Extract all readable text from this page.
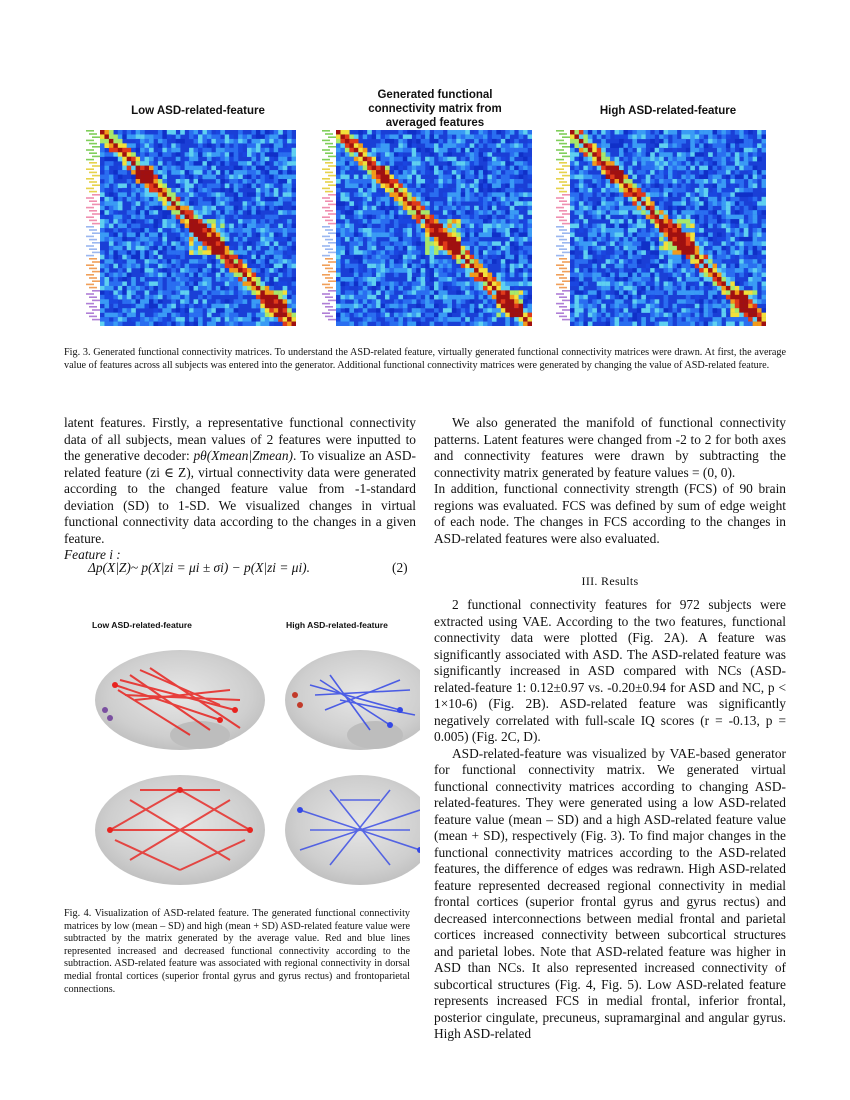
Low ASD-related-feature
Generated functional
connectivity matrix from
averaged features
High ASD-related-feature
Fig. 3. Generated functional connectivity matrices. To understand the ASD-related feature, virtually generated functional connectivity matrices were drawn. At first, the average value of features across all subjects was entered into the generator. Additional functional connectivity matrices were generated by changing the value of ASD-related feature.

latent features. Firstly, a representative functional connectivity data of all subjects, mean values of 2 features were inputted to the generative decoder: pθ(Xmean|Zmean). To visualize an ASD-related feature (zi ∈ Z), virtual connectivity data were generated according to the changed feature value from -1-standard deviation (SD) to 1-SD. We visualized changes in virtual functional connectivity data according to the changes in a given feature.

Feature i :

Δp(X|Z)~ p(X|zi = μi ± σi) − p(X|zi = μi).	(2)
Low ASD-related-feature	High ASD-related-feature
Fig. 4. Visualization of ASD-related feature. The generated functional connectivity matrices by low (mean – SD) and high (mean + SD) ASD-related feature value were subtracted by the matrix generated by the average value. Red and blue lines represented increased and decreased functional connectivity according to the subtraction. ASD-related feature was associated with regional connectivity in dorsal medial frontal cortices (superior frontal gyrus and gyrus rectus) and frontoparietal connections.

We also generated the manifold of functional connectivity patterns. Latent features were changed from -2 to 2 for both axes and connectivity features were drawn by subtracting the connectivity matrix generated by feature values = (0, 0).

In addition, functional connectivity strength (FCS) of 90 brain regions was evaluated. FCS was defined by sum of edge weight of each node. The changes in FCS according to the changes in ASD-related features were also evaluated.

III. Results

2 functional connectivity features for 972 subjects were extracted using VAE. According to the two features, functional connectivity data were plotted (Fig. 2A). A feature was significantly associated with ASD. The ASD-related feature was significantly increased in ASD compared with NCs (ASD-related-feature 1: 0.12±0.97 vs. -0.20±0.94 for ASD and NC, p < 1×10-6) (Fig. 2B). ASD-related feature was significantly negatively correlated with full-scale IQ scores (r = -0.13, p = 0.005) (Fig. 2C, D).

ASD-related-feature was visualized by VAE-based generator for functional connectivity matrix. We generated virtual functional connectivity matrices according to changing ASD-related-features. They were generated using a low ASD-related feature value (mean – SD) and a high ASD-related feature value (mean + SD), respectively (Fig. 3). To find major changes in the functional connectivity matrices according to the ASD-related features, the difference of edges was redrawn. High ASD-related feature represented decreased regional connectivity in medial frontal cortices (superior frontal gyrus and gyrus rectus) and decreased interconnections between medial frontal and parietal cortices increased connectivity between subcortical structures and parietal lobes. Note that ASD-related feature was higher in ASD than NCs. It also represented increased connectivity of subcortical structures (Fig. 4, Fig. 5). Low ASD-related feature represents increased FCS in medial frontal, inferior frontal, posterior cingulate, precuneus, supramarginal and angular gyrus. High ASD-related
